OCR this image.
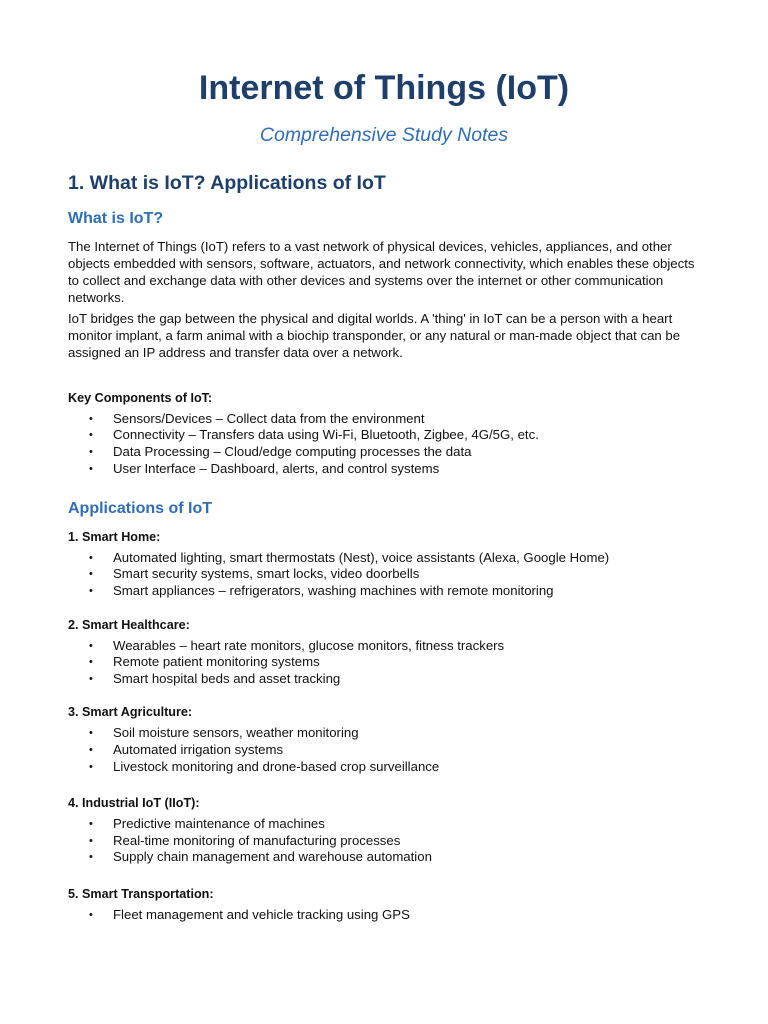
Internet of Things (IoT)
Comprehensive Study Notes
1. What is IoT? Applications of IoT
What is IoT?

The Internet of Things (IoT) refers to a vast network of physical devices, vehicles, appliances, and other objects embedded with sensors, software, actuators, and network connectivity, which enables these objects to collect and exchange data with other devices and systems over the internet or other communication networks.

IoT bridges the gap between the physical and digital worlds. A 'thing' in IoT can be a person with a heart monitor implant, a farm animal with a biochip transponder, or any natural or man-made object that can be assigned an IP address and transfer data over a network.

Key Components of IoT:
• Sensors/Devices – Collect data from the environment
• Connectivity – Transfers data using Wi-Fi, Bluetooth, Zigbee, 4G/5G, etc.
• Data Processing – Cloud/edge computing processes the data
• User Interface – Dashboard, alerts, and control systems
Applications of IoT
1. Smart Home:
• Automated lighting, smart thermostats (Nest), voice assistants (Alexa, Google Home)
• Smart security systems, smart locks, video doorbells
• Smart appliances – refrigerators, washing machines with remote monitoring
2. Smart Healthcare:
• Wearables – heart rate monitors, glucose monitors, fitness trackers
• Remote patient monitoring systems
• Smart hospital beds and asset tracking
3. Smart Agriculture:
• Soil moisture sensors, weather monitoring
• Automated irrigation systems
• Livestock monitoring and drone-based crop surveillance
4. Industrial IoT (IIoT):
• Predictive maintenance of machines
• Real-time monitoring of manufacturing processes
• Supply chain management and warehouse automation
5. Smart Transportation:
• Fleet management and vehicle tracking using GPS
